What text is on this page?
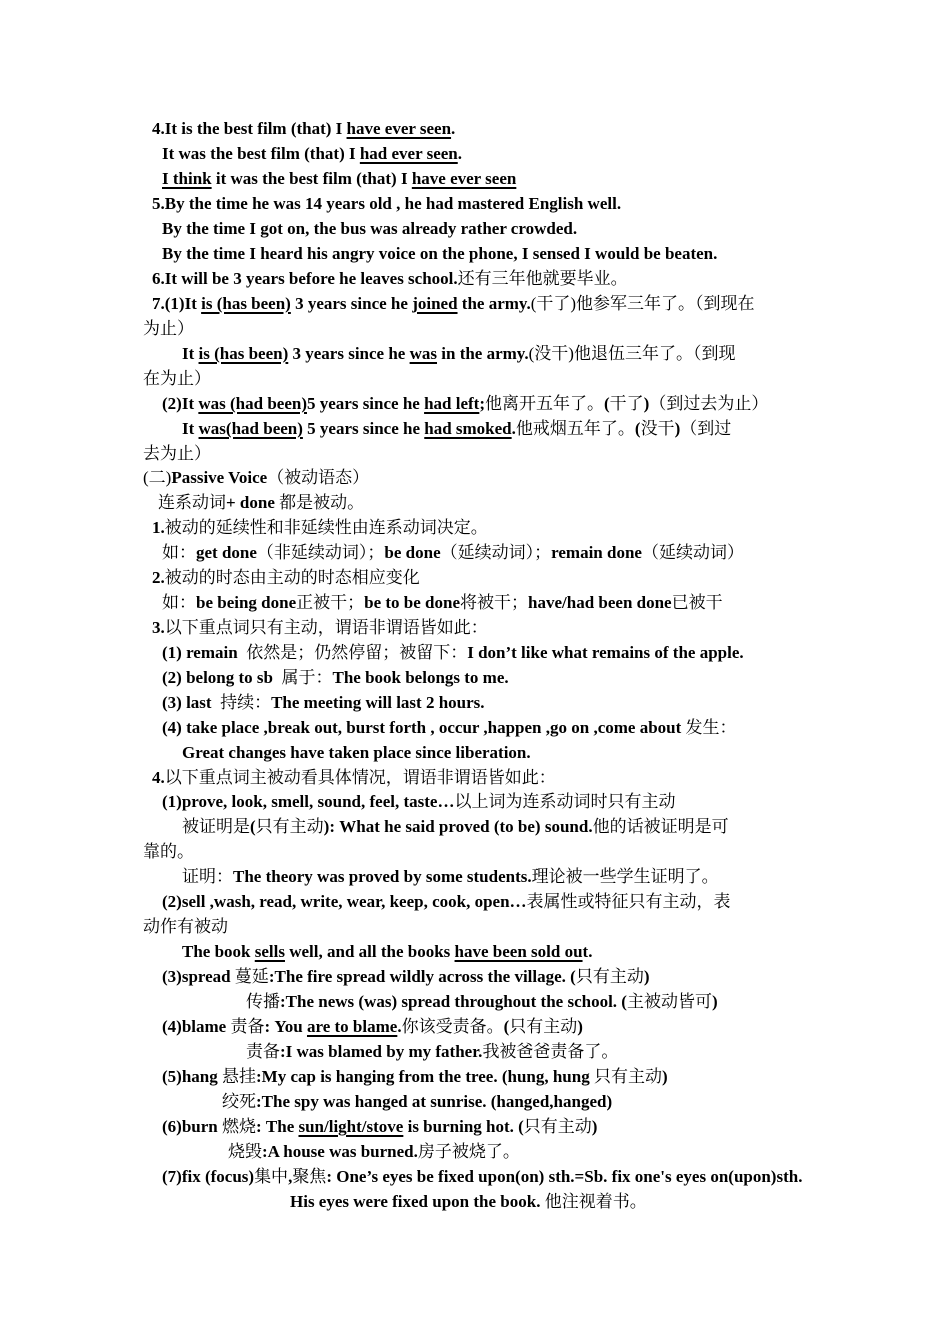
4.It is the best film (that) I have ever seen.
It was the best film (that) I had ever seen.
I think it was the best film (that) I have ever seen
5.By the time he was 14 years old , he had mastered English well.
By the time I got on, the bus was already rather crowded.
By the time I heard his angry voice on the phone, I sensed I would be beaten.
6.It will be 3 years before he leaves school.还有三年他就要毕业。
7.(1)It is (has been) 3 years since he joined the army.(干了)他参军三年了。（到现在
为止）
It is (has been) 3 years since he was in the army.(没干)他退伍三年了。（到现
在为止）
(2)It was (had been)5 years since he had left;他离开五年了。(干了)（到过去为止）
It was(had been) 5 years since he had smoked.他戒烟五年了。(没干)（到过
去为止）
(二)Passive Voice（被动语态）
连系动词+ done 都是被动。
1.被动的延续性和非延续性由连系动词决定。
如：get done（非延续动词）；be done（延续动词）；remain done（延续动词）
2.被动的时态由主动的时态相应变化
如：be being done正被干；be to be done将被干；have/had been done已被干
3.以下重点词只有主动，谓语非谓语皆如此：
(1) remain  依然是；仍然停留；被留下：I don’t like what remains of the apple.
(2) belong to sb  属于：The book belongs to me.
(3) last  持续：The meeting will last 2 hours.
(4) take place ,break out, burst forth , occur ,happen ,go on ,come about 发生：
Great changes have taken place since liberation.
4.以下重点词主被动看具体情况，谓语非谓语皆如此：
(1)prove, look, smell, sound, feel, taste…以上词为连系动词时只有主动
被证明是(只有主动): What he said proved (to be) sound.他的话被证明是可
靠的。
证明：The theory was proved by some students.理论被一些学生证明了。
(2)sell ,wash, read, write, wear, keep, cook, open…表属性或特征只有主动，表
动作有被动
The book sells well, and all the books have been sold out.
(3)spread 蔓延:The fire spread wildly across the village. (只有主动)
传播:The news (was) spread throughout the school. (主被动皆可)
(4)blame 责备: You are to blame.你该受责备。(只有主动)
责备:I was blamed by my father.我被爸爸责备了。
(5)hang 悬挂:My cap is hanging from the tree. (hung, hung 只有主动)
绞死:The spy was hanged at sunrise. (hanged,hanged)
(6)burn 燃烧: The sun/light/stove is burning hot. (只有主动)
烧毁:A house was burned.房子被烧了。
(7)fix (focus)集中,聚焦: One’s eyes be fixed upon(on) sth.=Sb. fix one's eyes on(upon)sth.
His eyes were fixed upon the book. 他注视着书。
